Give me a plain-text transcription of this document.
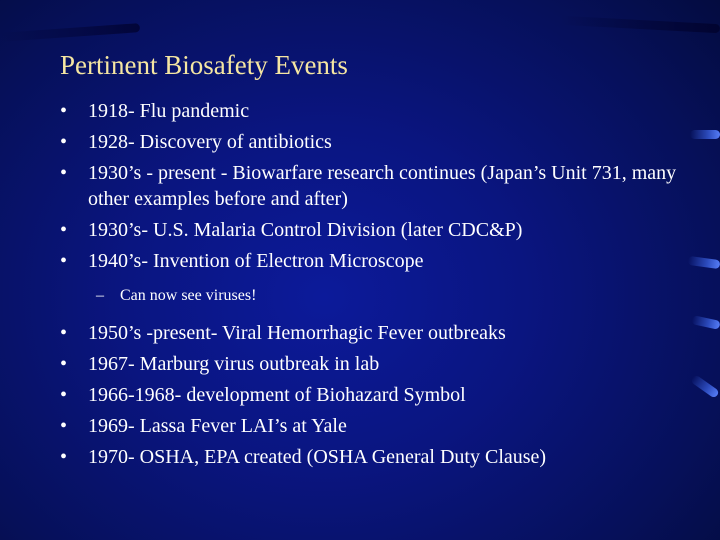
Pertinent Biosafety Events
• 1918- Flu pandemic
• 1928- Discovery of antibiotics
• 1930’s - present - Biowarfare research continues (Japan’s Unit 731, many other examples before and after)
• 1930’s- U.S. Malaria Control Division (later CDC&P)
• 1940’s- Invention of Electron Microscope
– Can now see viruses!
• 1950’s -present- Viral Hemorrhagic Fever outbreaks
• 1967- Marburg virus outbreak in lab
• 1966-1968- development of Biohazard Symbol
• 1969- Lassa Fever LAI’s at Yale
• 1970- OSHA, EPA created (OSHA General Duty Clause)
